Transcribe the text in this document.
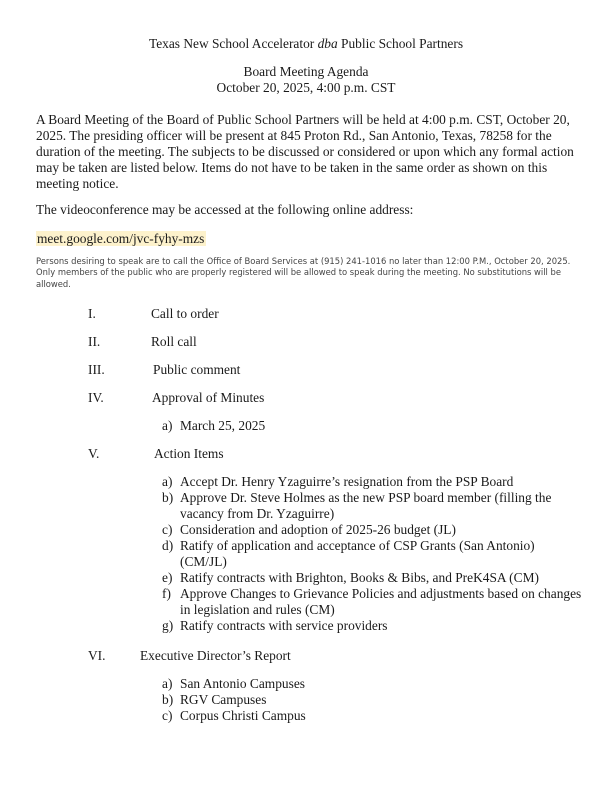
Texas New School Accelerator dba Public School Partners
Board Meeting Agenda
October 20, 2025, 4:00 p.m. CST
A Board Meeting of the Board of Public School Partners will be held at 4:00 p.m. CST, October 20, 2025. The presiding officer will be present at 845 Proton Rd., San Antonio, Texas, 78258 for the duration of the meeting. The subjects to be discussed or considered or upon which any formal action may be taken are listed below. Items do not have to be taken in the same order as shown on this meeting notice.
The videoconference may be accessed at the following online address:
meet.google.com/jvc-fyhy-mzs
Persons desiring to speak are to call the Office of Board Services at (915) 241-1016 no later than 12:00 P.M., October 20, 2025. Only members of the public who are properly registered will be allowed to speak during the meeting. No substitutions will be allowed.
I.	Call to order
II.	Roll call
III.	Public comment
IV.	Approval of Minutes
a) March 25, 2025
V.	Action Items
a) Accept Dr. Henry Yzaguirre’s resignation from the PSP Board
b) Approve Dr. Steve Holmes as the new PSP board member (filling the vacancy from Dr. Yzaguirre)
c) Consideration and adoption of 2025-26 budget (JL)
d) Ratify of application and acceptance of CSP Grants (San Antonio) (CM/JL)
e) Ratify contracts with Brighton, Books & Bibs, and PreK4SA (CM)
f) Approve Changes to Grievance Policies and adjustments based on changes in legislation and rules (CM)
g) Ratify contracts with service providers
VI.	Executive Director’s Report
a) San Antonio Campuses
b) RGV Campuses
c) Corpus Christi Campus
